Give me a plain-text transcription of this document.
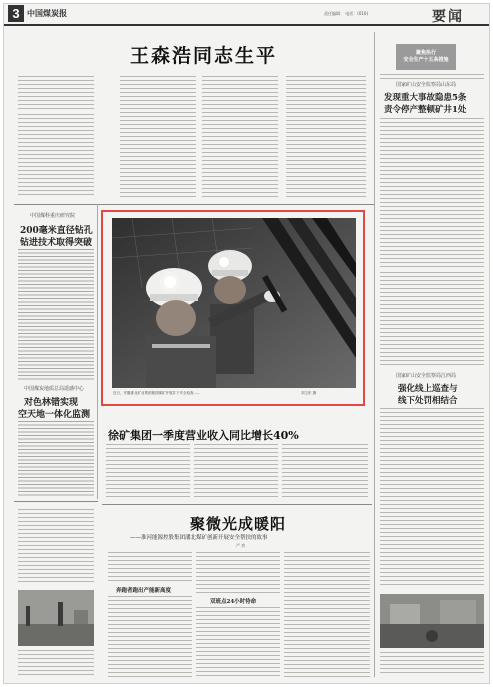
3 中国煤炭报	责任编辑： 电话：(010)	要闻
王森浩同志生平	聚焦执行
安全生产十五条措施
国家矿山安全监察局山东局
发现重大事故隐患5条
责令停产整顿矿井1处
国家矿山安全监察局江西局
强化线上巡查与
线下处罚相结合
中国煤科重庆研究院
200毫米直径钻孔
钻进技术取得突破
中国煤炭地质总局遥感中心
对色林错实现
空天地一体化监测
近日，安徽淮北矿业集团桃园煤矿开展井下安全检查……	刘卫东 摄
徐矿集团一季度营业收入同比增长40%
聚微光成暖阳
——淮河能源控股集团潘北煤矿创新开展安全帮扶的故事
严 欢
奔跑者跑出产能新高度
双班点24小时待命
